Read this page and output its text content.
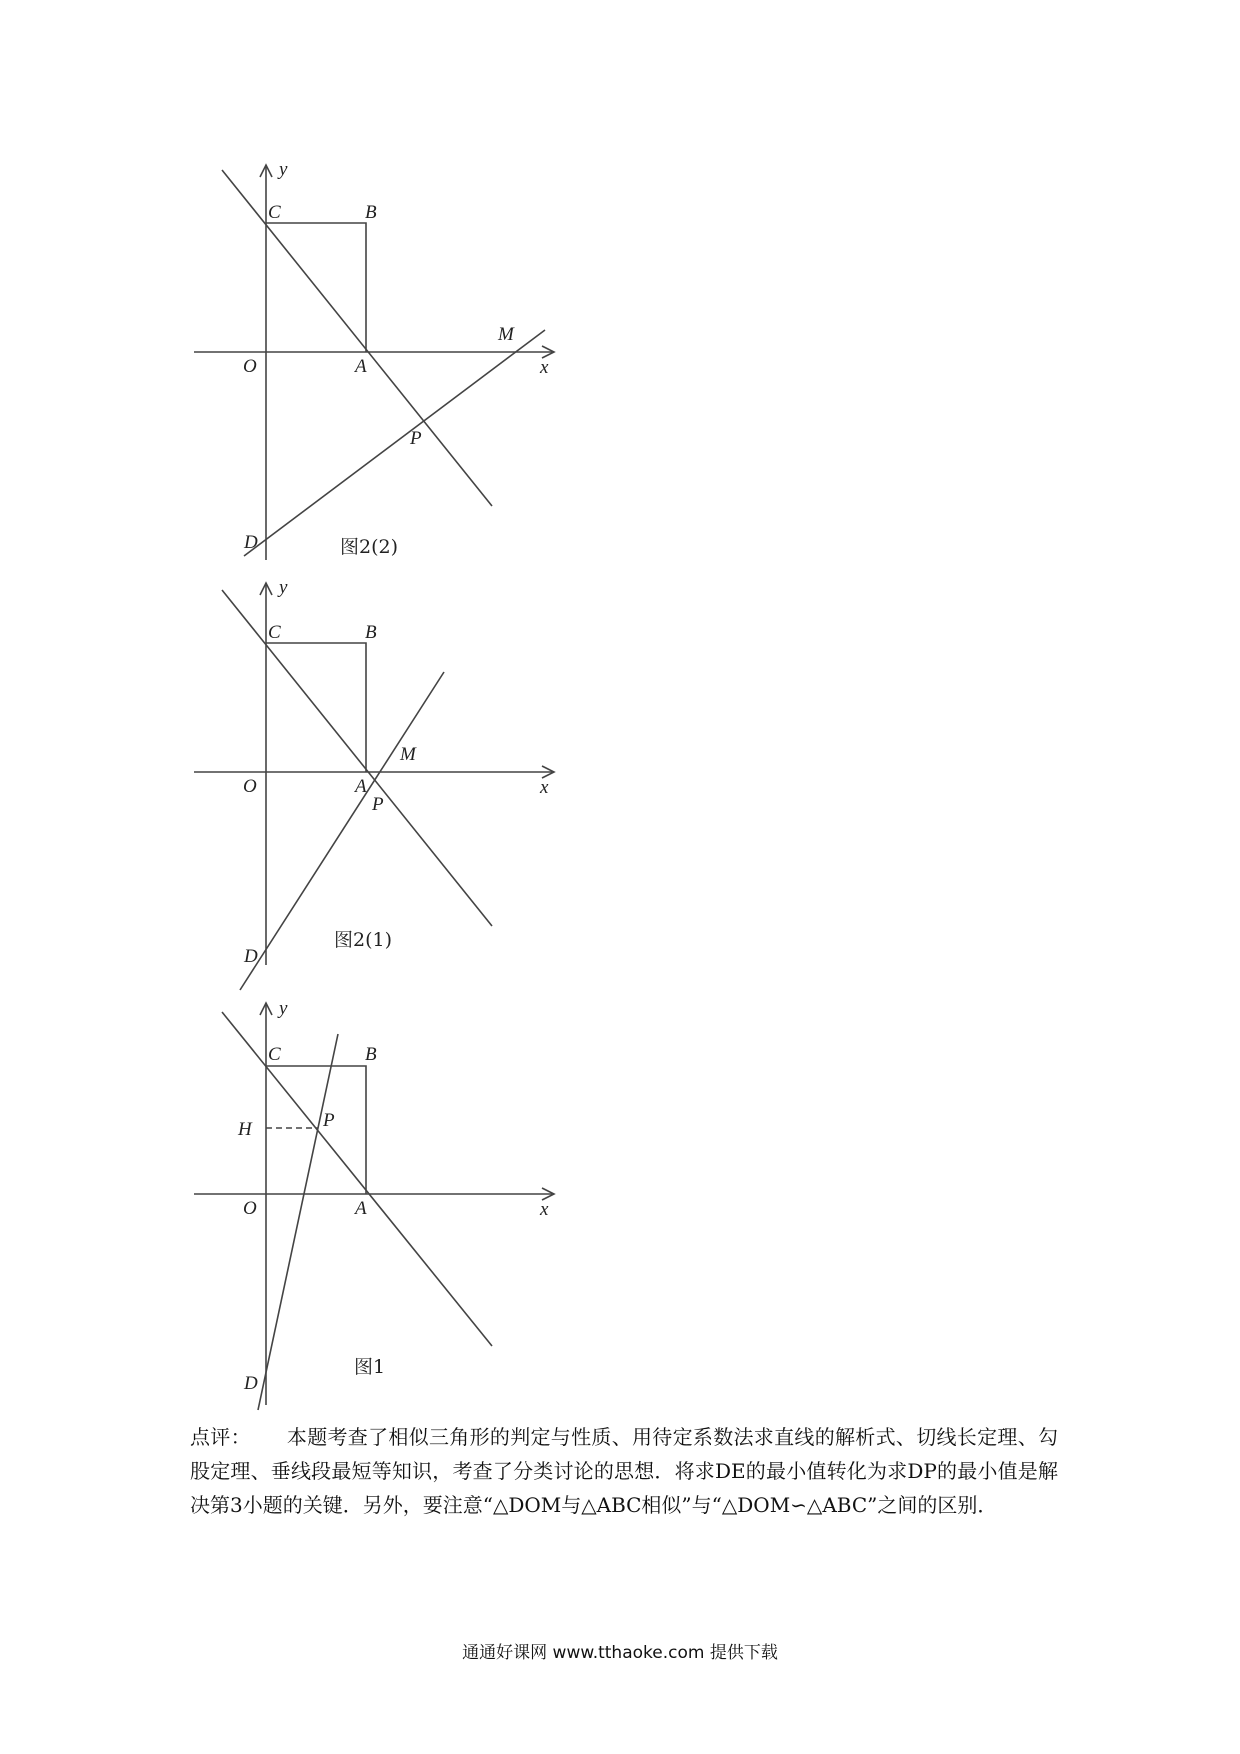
y
C	B
O	A
M
x
P
D	图2(2)
y
C	B
O	A
M
x
P
D
图2(1)
y
C	B
H	P
O	A	x
D
图1
点评： 本题考查了相似三角形的判定与性质、用待定系数法求直线的解析式、切线长定理、勾股定理、垂线段最短等知识，考查了分类讨论的思想．将求DE的最小值转化为求DP的最小值是解决第3小题的关键．另外，要注意“△DOM与△ABC相似”与“△DOM∽△ABC”之间的区别．
通通好课网 www.tthaoke.com 提供下载
